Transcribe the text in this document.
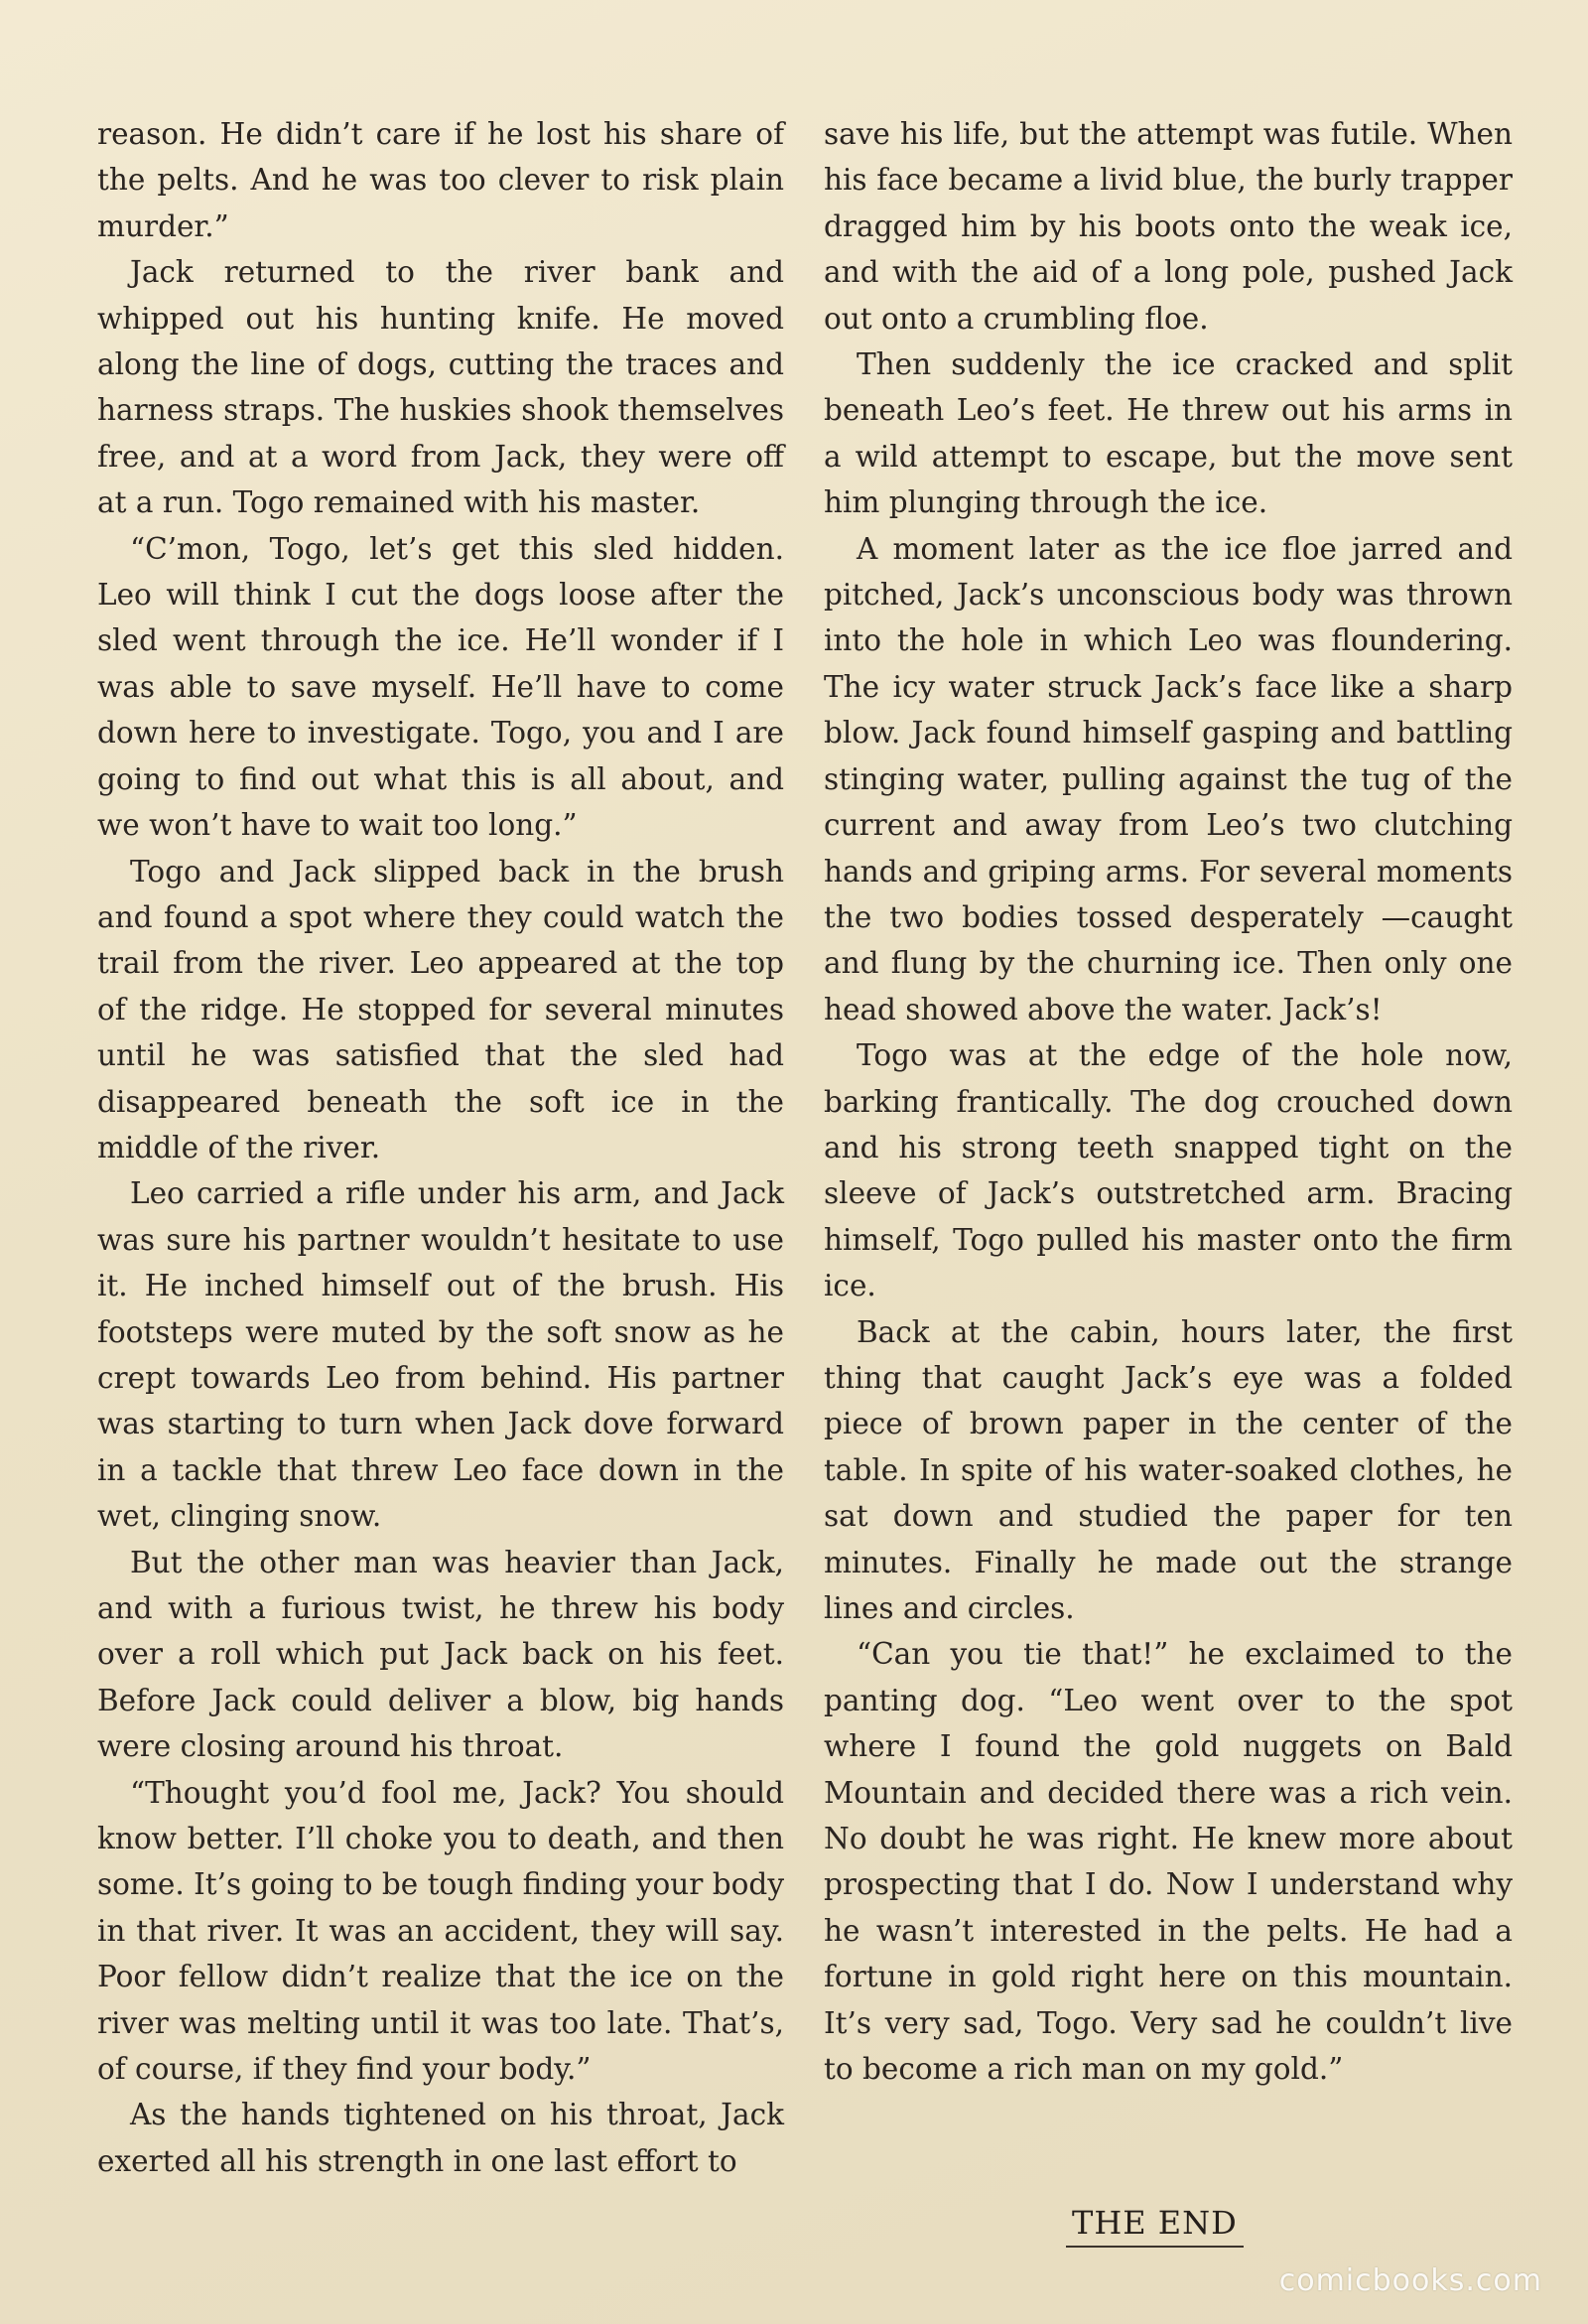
reason. He didn’t care if he lost his share of the pelts. And he was too clever to risk plain murder.”

Jack returned to the river bank and whipped out his hunting knife. He moved along the line of dogs, cutting the traces and harness straps. The huskies shook themselves free, and at a word from Jack, they were off at a run. Togo remained with his master.

“C’mon, Togo, let’s get this sled hidden. Leo will think I cut the dogs loose after the sled went through the ice. He’ll wonder if I was able to save myself. He’ll have to come down here to investigate. Togo, you and I are going to find out what this is all about, and we won’t have to wait too long.”

Togo and Jack slipped back in the brush and found a spot where they could watch the trail from the river. Leo appeared at the top of the ridge. He stopped for several minutes until he was satisfied that the sled had disappeared beneath the soft ice in the middle of the river.

Leo carried a rifle under his arm, and Jack was sure his partner wouldn’t hesitate to use it. He inched himself out of the brush. His footsteps were muted by the soft snow as he crept towards Leo from behind. His partner was starting to turn when Jack dove forward in a tackle that threw Leo face down in the wet, clinging snow.

But the other man was heavier than Jack, and with a furious twist, he threw his body over a roll which put Jack back on his feet. Before Jack could deliver a blow, big hands were closing around his throat.

“Thought you’d fool me, Jack? You should know better. I’ll choke you to death, and then some. It’s going to be tough finding your body in that river. It was an accident, they will say. Poor fellow didn’t realize that the ice on the river was melting until it was too late. That’s, of course, if they find your body.”

As the hands tightened on his throat, Jack exerted all his strength in one last effort to

save his life, but the attempt was futile. When his face became a livid blue, the burly trapper dragged him by his boots onto the weak ice, and with the aid of a long pole, pushed Jack out onto a crumbling floe.

Then suddenly the ice cracked and split beneath Leo’s feet. He threw out his arms in a wild attempt to escape, but the move sent him plunging through the ice.

A moment later as the ice floe jarred and pitched, Jack’s unconscious body was thrown into the hole in which Leo was floundering. The icy water struck Jack’s face like a sharp blow. Jack found himself gasping and battling stinging water, pulling against the tug of the current and away from Leo’s two clutching hands and griping arms. For several moments the two bodies tossed desperately —caught and flung by the churning ice. Then only one head showed above the water. Jack’s!

Togo was at the edge of the hole now, barking frantically. The dog crouched down and his strong teeth snapped tight on the sleeve of Jack’s outstretched arm. Bracing himself, Togo pulled his master onto the firm ice.

Back at the cabin, hours later, the first thing that caught Jack’s eye was a folded piece of brown paper in the center of the table. In spite of his water-soaked clothes, he sat down and studied the paper for ten minutes. Finally he made out the strange lines and circles.

“Can you tie that!” he exclaimed to the panting dog. “Leo went over to the spot where I found the gold nuggets on Bald Mountain and decided there was a rich vein. No doubt he was right. He knew more about prospecting that I do. Now I understand why he wasn’t interested in the pelts. He had a fortune in gold right here on this mountain. It’s very sad, Togo. Very sad he couldn’t live to become a rich man on my gold.”

THE END
comicbooks.com
